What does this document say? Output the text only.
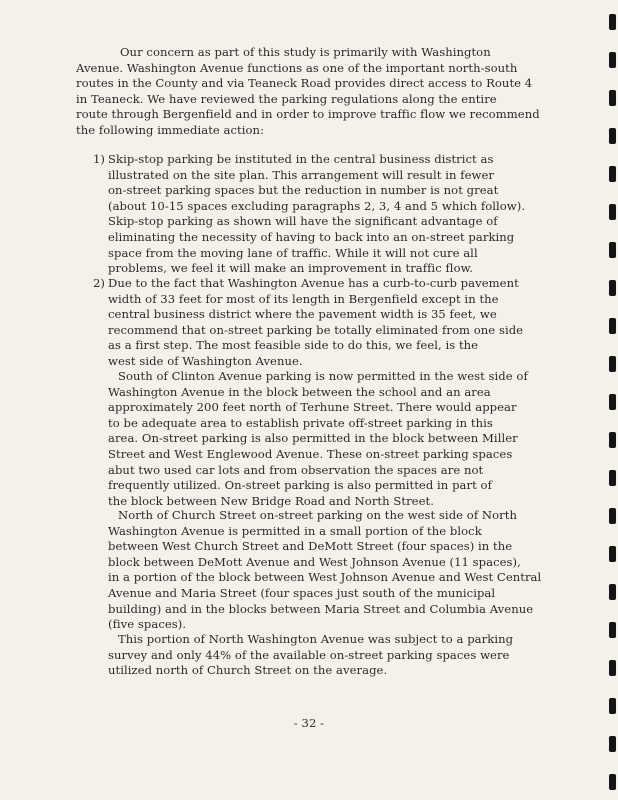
Our concern as part of this study is primarily with Washington
Avenue. Washington Avenue functions as one of the important north-south
routes in the County and via Teaneck Road provides direct access to Route 4
in Teaneck. We have reviewed the parking regulations along the entire
route through Bergenfield and in order to improve traffic flow we recommend
the following immediate action:
1) Skip-stop parking be instituted in the central business district as
illustrated on the site plan. This arrangement will result in fewer
on-street parking spaces but the reduction in number is not great
(about 10-15 spaces excluding paragraphs 2, 3, 4 and 5 which follow).
Skip-stop parking as shown will have the significant advantage of
eliminating the necessity of having to back into an on-street parking
space from the moving lane of traffic. While it will not cure all
problems, we feel it will make an improvement in traffic flow.
2) Due to the fact that Washington Avenue has a curb-to-curb pavement
width of 33 feet for most of its length in Bergenfield except in the
central business district where the pavement width is 35 feet, we
recommend that on-street parking be totally eliminated from one side
as a first step. The most feasible side to do this, we feel, is the
west side of Washington Avenue.
South of Clinton Avenue parking is now permitted in the west side of
Washington Avenue in the block between the school and an area
approximately 200 feet north of Terhune Street. There would appear
to be adequate area to establish private off-street parking in this
area. On-street parking is also permitted in the block between Miller
Street and West Englewood Avenue. These on-street parking spaces
abut two used car lots and from observation the spaces are not
frequently utilized. On-street parking is also permitted in part of
the block between New Bridge Road and North Street.
North of Church Street on-street parking on the west side of North
Washington Avenue is permitted in a small portion of the block
between West Church Street and DeMott Street (four spaces) in the
block between DeMott Avenue and West Johnson Avenue (11 spaces),
in a portion of the block between West Johnson Avenue and West Central
Avenue and Maria Street (four spaces just south of the municipal
building) and in the blocks between Maria Street and Columbia Avenue
(five spaces).
This portion of North Washington Avenue was subject to a parking
survey and only 44% of the available on-street parking spaces were
utilized north of Church Street on the average.
- 32 -
